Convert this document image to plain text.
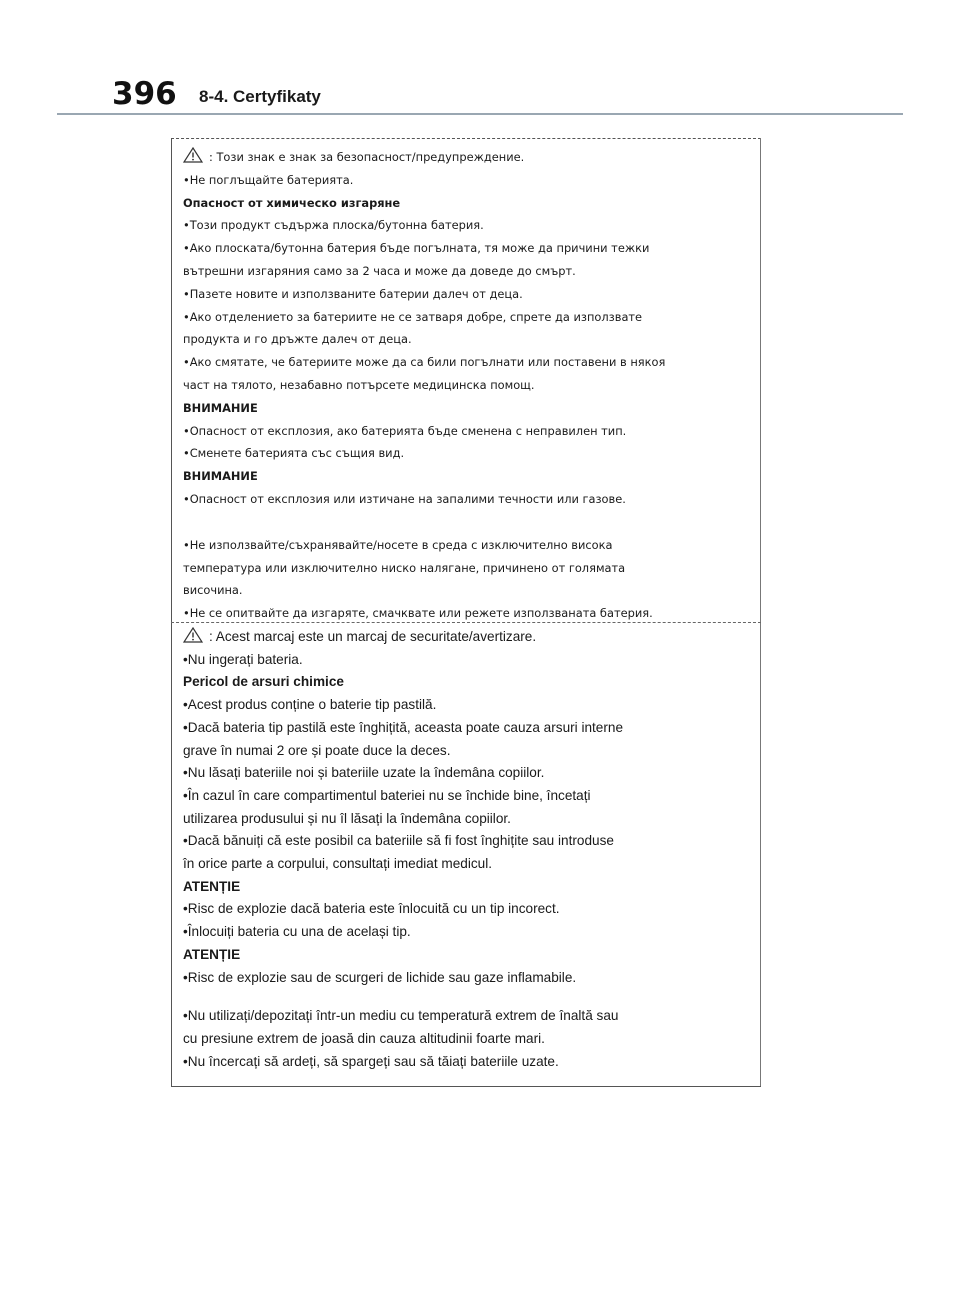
396 8-4. Certyfikaty
: Този знак е знак за безопасност/предупреждение.
•Не поглъщайте батерията.
Опасност от химическо изгаряне
•Този продукт съдържа плоска/бутонна батерия.
•Ако плоската/бутонна батерия бъде погълната, тя може да причини тежки
вътрешни изгаряния само за 2 часа и може да доведе до смърт.
•Пазете новите и използваните батерии далеч от деца.
•Ако отделението за батериите не се затваря добре, спрете да използвате
продукта и го дръжте далеч от деца.
•Ако смятате, че батериите може да са били погълнати или поставени в някоя
част на тялото, незабавно потърсете медицинска помощ.
ВНИМАНИЕ
•Опасност от експлозия, ако батерията бъде сменена с неправилен тип.
•Сменете батерията със същия вид.
ВНИМАНИЕ
•Опасност от експлозия или изтичане на запалими течности или газове.
•Не използвайте/съхранявайте/носете в среда с изключително висока
температура или изключително ниско налягане, причинено от голямата
височина.
•Не се опитвайте да изгаряте, смачквате или режете използваната батерия.
: Acest marcaj este un marcaj de securitate/avertizare.
•Nu ingerați bateria.
Pericol de arsuri chimice
•Acest produs conține o baterie tip pastilă.
•Dacă bateria tip pastilă este înghițită, aceasta poate cauza arsuri interne
grave în numai 2 ore și poate duce la deces.
•Nu lăsați bateriile noi și bateriile uzate la îndemâna copiilor.
•În cazul în care compartimentul bateriei nu se închide bine, încetați
utilizarea produsului și nu îl lăsați la îndemâna copiilor.
•Dacă bănuiți că este posibil ca bateriile să fi fost înghițite sau introduse
în orice parte a corpului, consultați imediat medicul.
ATENȚIE
•Risc de explozie dacă bateria este înlocuită cu un tip incorect.
•Înlocuiți bateria cu una de același tip.
ATENȚIE
•Risc de explozie sau de scurgeri de lichide sau gaze inflamabile.
•Nu utilizați/depozitați într-un mediu cu temperatură extrem de înaltă sau
cu presiune extrem de joasă din cauza altitudinii foarte mari.
•Nu încercați să ardeți, să spargeți sau să tăiați bateriile uzate.
